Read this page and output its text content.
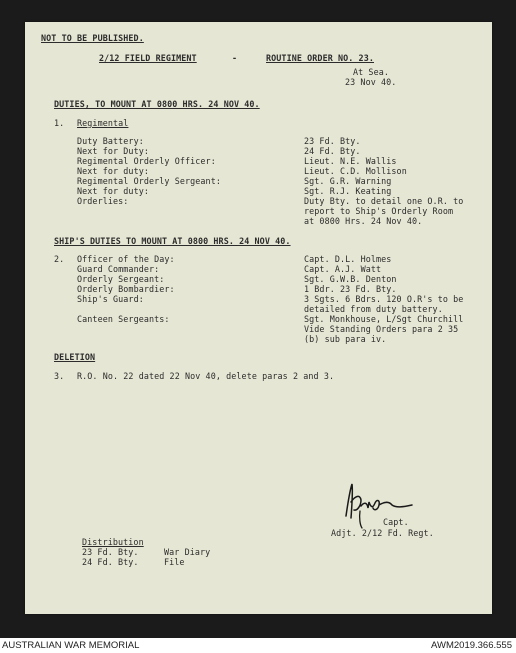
NOT TO BE PUBLISHED.
2/12 FIELD REGIMENT	-	ROUTINE ORDER NO. 23.
At Sea.
23 Nov 40.
DUTIES, TO MOUNT AT 0800 HRS. 24 NOV 40.
1. Regimental
Duty Battery:	23 Fd. Bty.
Next for Duty:	24 Fd. Bty.
Regimental Orderly Officer:	Lieut. N.E. Wallis
Next for duty:	Lieut. C.D. Mollison
Regimental Orderly Sergeant:	Sgt. G.R. Warning
Next for duty:	Sgt. R.J. Keating
Orderlies:	Duty Bty. to detail one O.R. to
report to Ship's Orderly Room
at 0800 Hrs. 24 Nov 40.
SHIP'S DUTIES TO MOUNT AT 0800 HRS. 24 NOV 40.
2. Officer of the Day:	Capt. D.L. Holmes
Guard Commander:	Capt. A.J. Watt
Orderly Sergeant:	Sgt. G.W.B. Denton
Orderly Bombardier:	1 Bdr. 23 Fd. Bty.
Ship's Guard:	3 Sgts. 6 Bdrs. 120 O.R's to be
detailed from duty battery.
Canteen Sergeants:	Sgt. Monkhouse, L/Sgt Churchill
Vide Standing Orders para 2 35
(b) sub para iv.
DELETION
3. R.O. No. 22 dated 22 Nov 40, delete paras 2 and 3.
Capt.
Adjt. 2/12 Fd. Regt.
Distribution
23 Fd. Bty.	War Diary
24 Fd. Bty.	File
AUSTRALIAN WAR MEMORIAL	AWM2019.366.555
